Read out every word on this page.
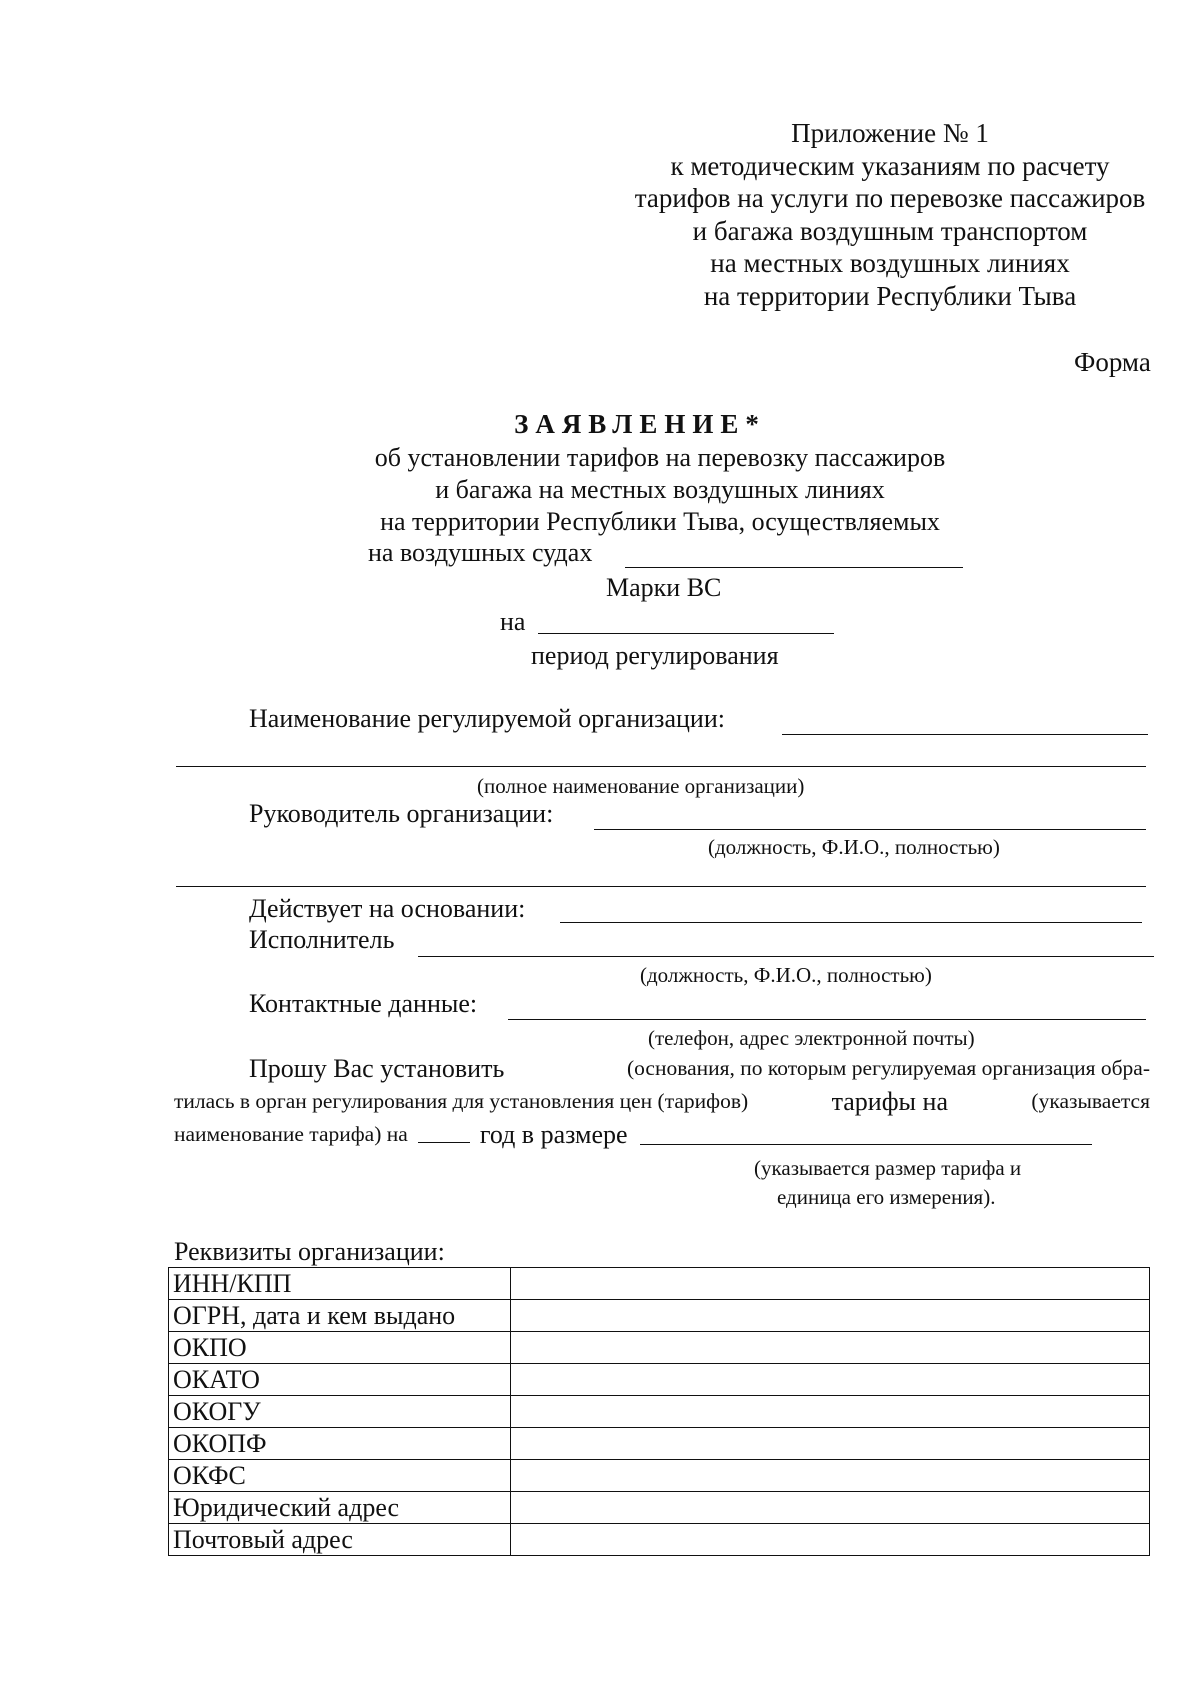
Приложение № 1
к методическим указаниям по расчету
тарифов на услуги по перевозке пассажиров
и багажа воздушным транспортом
на местных воздушных линиях
на территории Республики Тыва
Форма
ЗАЯВЛЕНИЕ*
об установлении тарифов на перевозку пассажиров
и багажа на местных воздушных линиях
на территории Республики Тыва, осуществляемых
на воздушных судах
Марки ВС
на
период регулирования
Наименование регулируемой организации:
(полное наименование организации)
Руководитель организации:
(должность, Ф.И.О., полностью)
Действует на основании:
Исполнитель
(должность, Ф.И.О., полностью)
Контактные данные:
(телефон, адрес электронной почты)
Прошу Вас установить	(основания, по которым регулируемая организация обра-
тилась в орган регулирования для установления цен (тарифов)	тарифы на	(указывается
наименование тарифа) на	год в размере
(указывается размер тарифа и
единица его измерения).
Реквизиты организации:
ИНН/КПП	
ОГРН, дата и кем выдано	
ОКПО	
ОКАТО	
ОКОГУ	
ОКОПФ	
ОКФС	
Юридический адрес	
Почтовый адрес	
